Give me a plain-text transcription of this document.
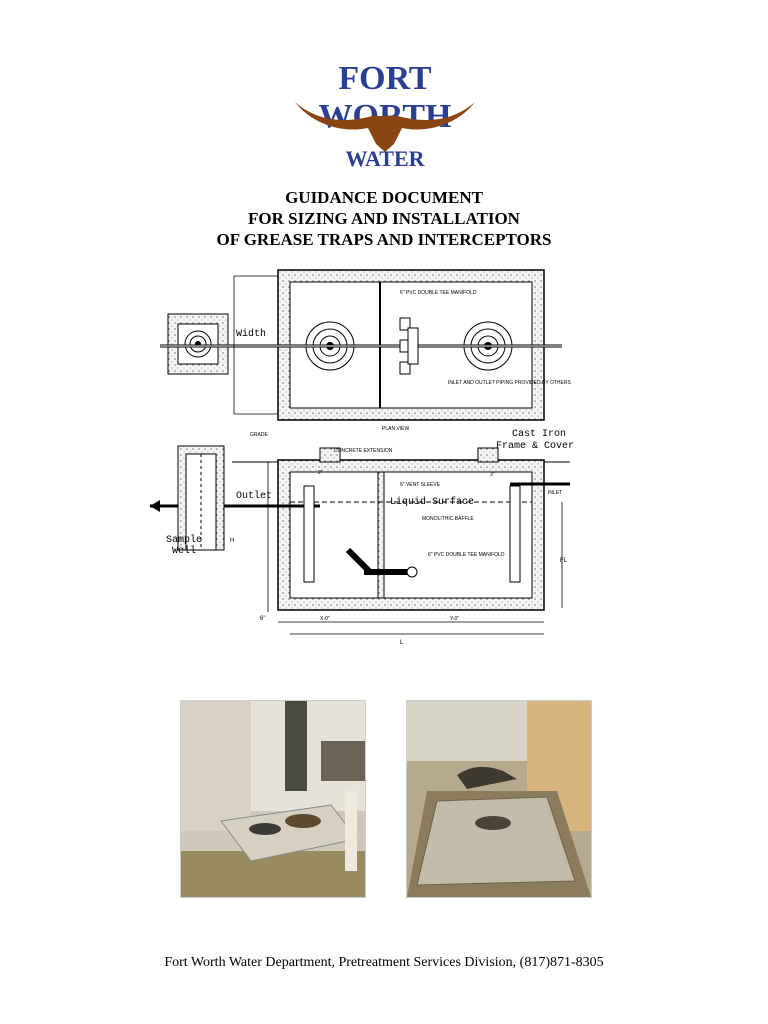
FORT
WATER
GUIDANCE DOCUMENT
FOR SIZING AND INSTALLATION
OF GREASE TRAPS AND INTERCEPTORS
Width
6" PVC DOUBLE TEE MANIFOLD
INLET AND OUTLET PIPING PROVIDED BY OTHERS
PLAN VIEW
GRADE
CONCRETE EXTENSION
Cast Iron
Frame & Cover
Outlet	INLET
6" VENT SLEEVE
Liquid Surface
MONOLITHIC BAFFLE
6" PVC DOUBLE TEE MANIFOLD
Sample
Well
FL
H
L
6"	X-0"	Y-0"
2"	3"
Fort Worth Water Department, Pretreatment Services Division, (817)871-8305
